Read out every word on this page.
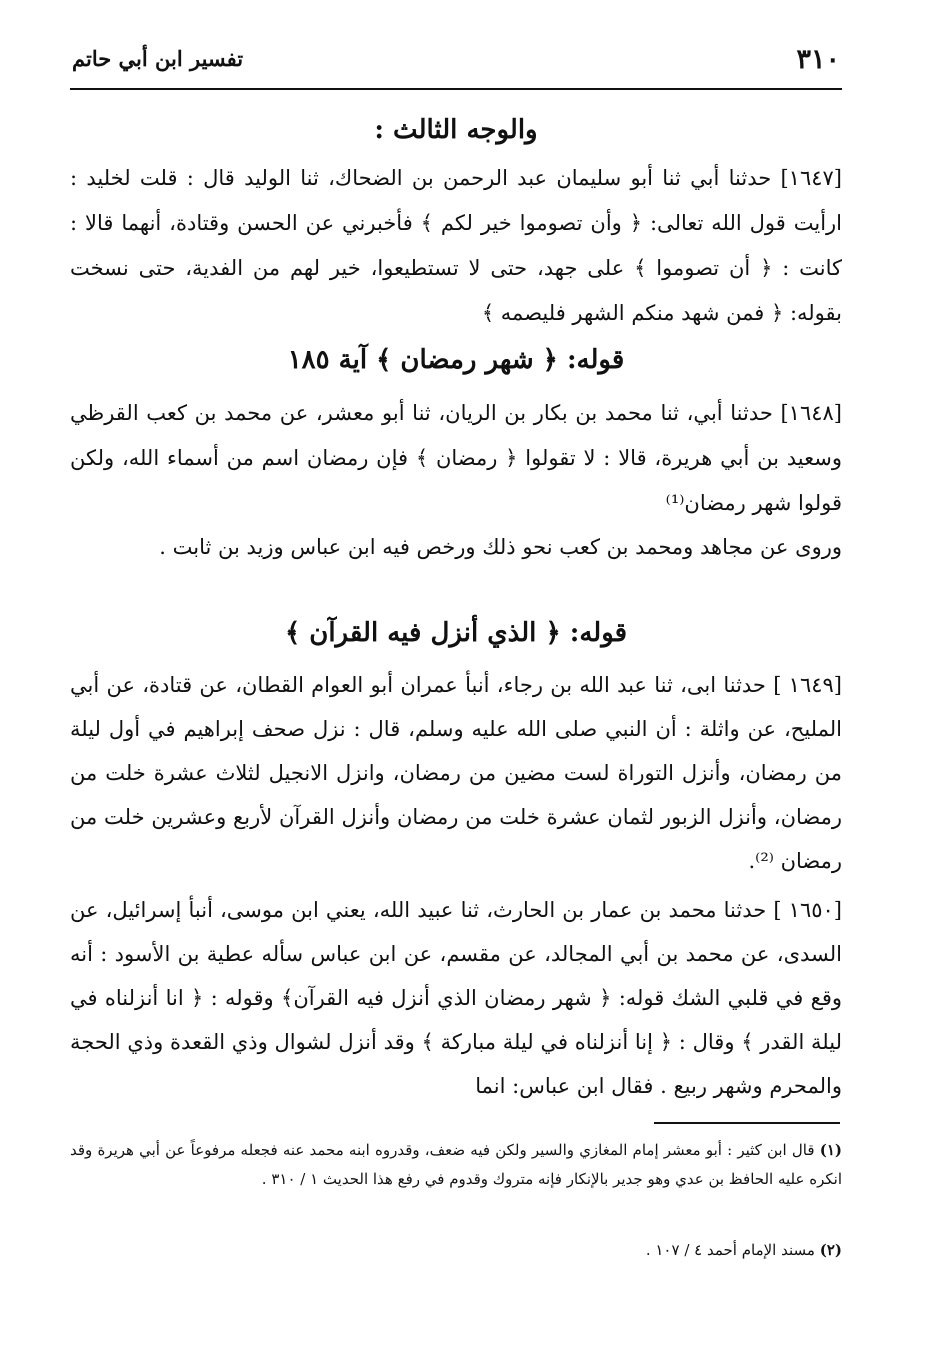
٣١٠
تفسير ابن أبي حاتم
والوجه الثالث :

[١٦٤٧] حدثنا أبي ثنا أبو سليمان عبد الرحمن بن الضحاك، ثنا الوليد قال : قلت لخليد : ارأيت قول الله تعالى: ﴿ وأن تصوموا خير لكم ﴾ فأخبرني عن الحسن وقتادة، أنهما قالا : كانت : ﴿ أن تصوموا ﴾ على جهد، حتى لا تستطيعوا، خير لهم من الفدية، حتى نسخت بقوله: ﴿ فمن شهد منكم الشهر فليصمه ﴾

قوله: ﴿ شهر رمضان ﴾ آية ١٨٥

[١٦٤٨] حدثنا أبي، ثنا محمد بن بكار بن الريان، ثنا أبو معشر، عن محمد بن كعب القرظي وسعيد بن أبي هريرة، قالا : لا تقولوا ﴿ رمضان ﴾ فإن رمضان اسم من أسماء الله، ولكن قولوا شهر رمضان⁽¹⁾

وروى عن مجاهد ومحمد بن كعب نحو ذلك ورخص فيه ابن عباس وزيد بن ثابت .

قوله: ﴿ الذي أنزل فيه القرآن ﴾

[١٦٤٩ ] حدثنا ابى، ثنا عبد الله بن رجاء، أنبأ عمران أبو العوام القطان، عن قتادة، عن أبي المليح، عن واثلة : أن النبي صلى الله عليه وسلم، قال : نزل صحف إبراهيم في أول ليلة من رمضان، وأنزل التوراة لست مضين من رمضان، وانزل الانجيل لثلاث عشرة خلت من رمضان، وأنزل الزبور لثمان عشرة خلت من رمضان وأنزل القرآن لأربع وعشرين خلت من رمضان ⁽²⁾.

[١٦٥٠ ] حدثنا محمد بن عمار بن الحارث، ثنا عبيد الله، يعني ابن موسى، أنبأ إسرائيل، عن السدى، عن محمد بن أبي المجالد، عن مقسم، عن ابن عباس سأله عطية بن الأسود : أنه وقع في قلبي الشك قوله: ﴿ شهر رمضان الذي أنزل فيه القرآن﴾ وقوله : ﴿ انا أنزلناه في ليلة القدر ﴾ وقال : ﴿ إنا أنزلناه في ليلة مباركة ﴾ وقد أنزل لشوال وذي القعدة وذي الحجة والمحرم وشهر ربيع . فقال ابن عباس: انما

(١) قال ابن كثير : أبو معشر إمام المغازي والسير ولكن فيه ضعف، وقدروه ابنه محمد عنه فجعله مرفوعاً عن أبي هريرة وقد انكره عليه الحافظ بن عدي وهو جدير بالإنكار فإنه متروك وقدوم في رفع هذا الحديث ١ / ٣١٠ .

(٢) مسند الإمام أحمد ٤ / ١٠٧ .
